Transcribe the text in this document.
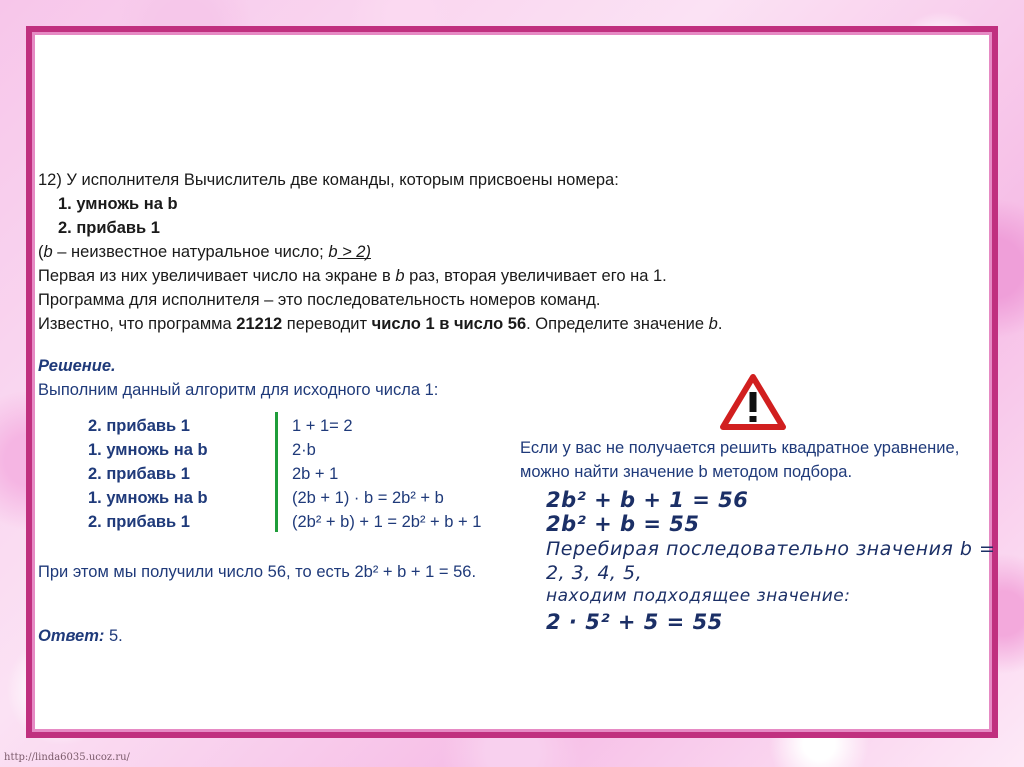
12) У исполнителя Вычислитель две команды, которым присвоены номера:
1. умножь на b
2. прибавь 1
(b – неизвестное натуральное число; b > 2)
Первая из них увеличивает число на экране в b раз, вторая увеличивает его на 1.
Программа для исполнителя – это последовательность номеров команд.
Известно, что программа 21212 переводит число 1 в число 56. Определите значение b.
Решение.
Выполним данный алгоритм для исходного числа 1:
2. прибавь 1	1 + 1= 2
1. умножь на b	2·b
2. прибавь 1	2b + 1
1. умножь на b	(2b + 1) · b = 2b² + b
2. прибавь 1	(2b² + b) + 1 = 2b² + b + 1
При этом мы получили число 56, то есть 2b² + b + 1 = 56.
Ответ: 5.
Если у вас не получается решить квадратное уравнение,
можно найти значение b методом подбора.
2b² + b + 1 = 56
2b² + b = 55
Перебирая последовательно значения b =
2, 3, 4, 5,
находим подходящее значение:
2 · 5² + 5 = 55
http://linda6035.ucoz.ru/
